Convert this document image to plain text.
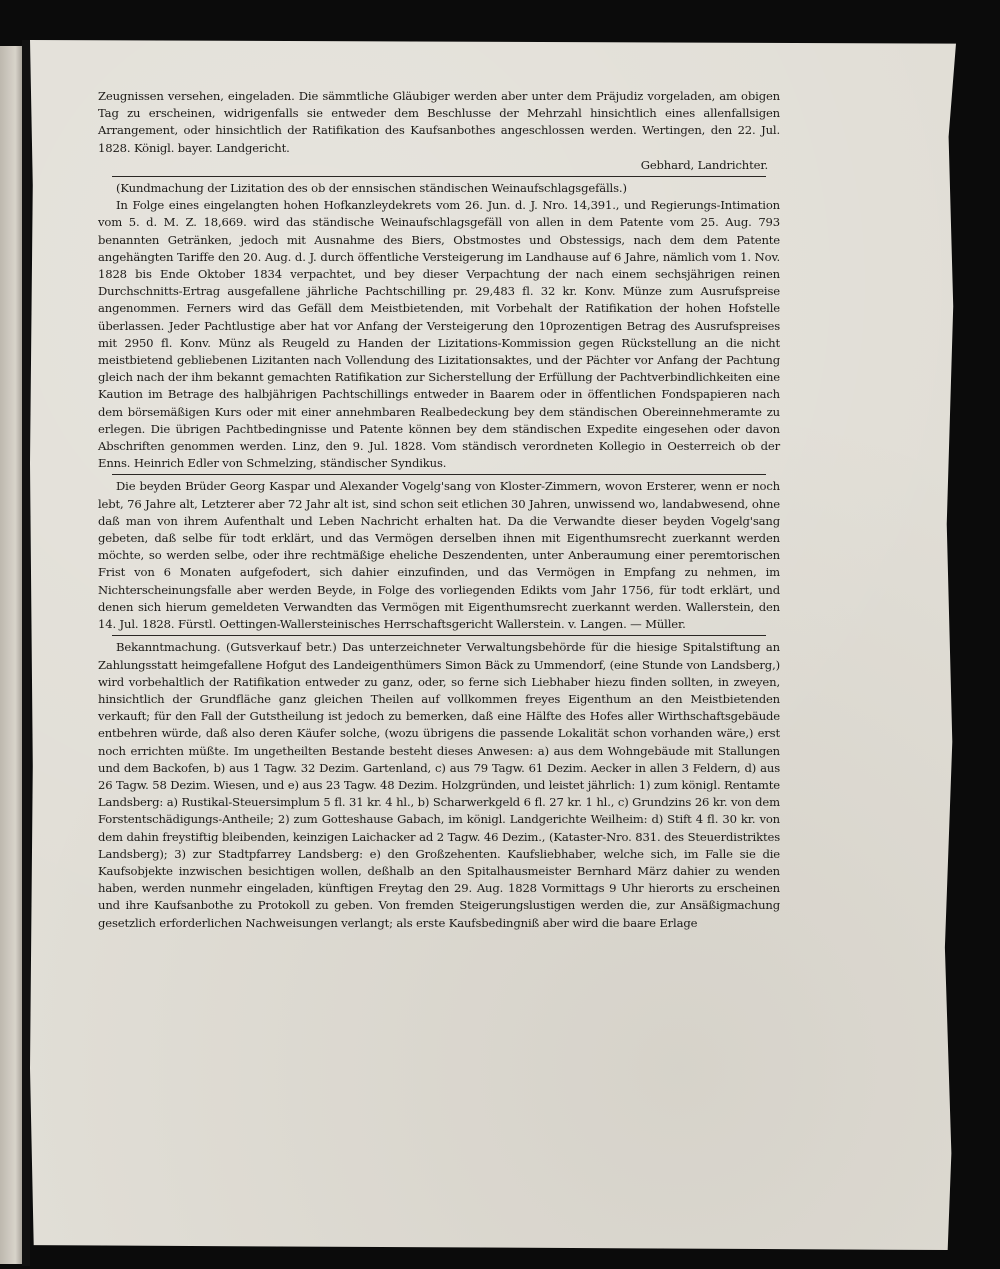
Zeugnissen versehen, eingeladen. Die sämmtliche Gläubiger werden aber unter dem Präjudiz vorgeladen, am obigen Tag zu erscheinen, widrigenfalls sie entweder dem Beschlusse der Mehrzahl hinsichtlich eines allenfallsigen Arrangement, oder hinsichtlich der Ratifikation des Kaufsanbothes angeschlossen werden. Wertingen, den 22. Jul. 1828. Königl. bayer. Landgericht.

Gebhard, Landrichter.

(Kundmachung der Lizitation des ob der ennsischen ständischen Weinaufschlagsgefälls.)

In Folge eines eingelangten hohen Hofkanzleydekrets vom 26. Jun. d. J. Nro. 14,391., und Regierungs-Intimation vom 5. d. M. Z. 18,669. wird das ständische Weinaufschlagsgefäll von allen in dem Patente vom 25. Aug. 793 benannten Getränken, jedoch mit Ausnahme des Biers, Obstmostes und Obstessigs, nach dem dem Patente angehängten Tariffe den 20. Aug. d. J. durch öffentliche Versteigerung im Landhause auf 6 Jahre, nämlich vom 1. Nov. 1828 bis Ende Oktober 1834 verpachtet, und bey dieser Verpachtung der nach einem sechsjährigen reinen Durchschnitts-Ertrag ausgefallene jährliche Pachtschilling pr. 29,483 fl. 32 kr. Konv. Münze zum Ausrufspreise angenommen. Ferners wird das Gefäll dem Meistbietenden, mit Vorbehalt der Ratifikation der hohen Hofstelle überlassen. Jeder Pachtlustige aber hat vor Anfang der Versteigerung den 10prozentigen Betrag des Ausrufspreises mit 2950 fl. Konv. Münz als Reugeld zu Handen der Lizitations-Kommission gegen Rückstellung an die nicht meistbietend gebliebenen Lizitanten nach Vollendung des Lizitationsaktes, und der Pächter vor Anfang der Pachtung gleich nach der ihm bekannt gemachten Ratifikation zur Sicherstellung der Erfüllung der Pachtverbindlichkeiten eine Kaution im Betrage des halbjährigen Pachtschillings entweder in Baarem oder in öffentlichen Fondspapieren nach dem börsemäßigen Kurs oder mit einer annehmbaren Realbedeckung bey dem ständischen Obereinnehmeramte zu erlegen. Die übrigen Pachtbedingnisse und Patente können bey dem ständischen Expedite eingesehen oder davon Abschriften genommen werden. Linz, den 9. Jul. 1828. Vom ständisch verordneten Kollegio in Oesterreich ob der Enns. Heinrich Edler von Schmelzing, ständischer Syndikus.

Die beyden Brüder Georg Kaspar und Alexander Vogelg'sang von Kloster-Zimmern, wovon Ersterer, wenn er noch lebt, 76 Jahre alt, Letzterer aber 72 Jahr alt ist, sind schon seit etlichen 30 Jahren, unwissend wo, landabwesend, ohne daß man von ihrem Aufenthalt und Leben Nachricht erhalten hat. Da die Verwandte dieser beyden Vogelg'sang gebeten, daß selbe für todt erklärt, und das Vermögen derselben ihnen mit Eigenthumsrecht zuerkannt werden möchte, so werden selbe, oder ihre rechtmäßige eheliche Deszendenten, unter Anberaumung einer peremtorischen Frist von 6 Monaten aufgefodert, sich dahier einzufinden, und das Vermögen in Empfang zu nehmen, im Nichterscheinungsfalle aber werden Beyde, in Folge des vorliegenden Edikts vom Jahr 1756, für todt erklärt, und denen sich hierum gemeldeten Verwandten das Vermögen mit Eigenthumsrecht zuerkannt werden. Wallerstein, den 14. Jul. 1828. Fürstl. Oettingen-Wallersteinisches Herrschaftsgericht Wallerstein. v. Langen. — Müller.

Bekanntmachung. (Gutsverkauf betr.) Das unterzeichneter Verwaltungsbehörde für die hiesige Spitalstiftung an Zahlungsstatt heimgefallene Hofgut des Landeigenthümers Simon Bäck zu Ummendorf, (eine Stunde von Landsberg,) wird vorbehaltlich der Ratifikation entweder zu ganz, oder, so ferne sich Liebhaber hiezu finden sollten, in zweyen, hinsichtlich der Grundfläche ganz gleichen Theilen auf vollkommen freyes Eigenthum an den Meistbietenden verkauft; für den Fall der Gutstheilung ist jedoch zu bemerken, daß eine Hälfte des Hofes aller Wirthschaftsgebäude entbehren würde, daß also deren Käufer solche, (wozu übrigens die passende Lokalität schon vorhanden wäre,) erst noch errichten müßte. Im ungetheilten Bestande besteht dieses Anwesen: a) aus dem Wohngebäude mit Stallungen und dem Backofen, b) aus 1 Tagw. 32 Dezim. Gartenland, c) aus 79 Tagw. 61 Dezim. Aecker in allen 3 Feldern, d) aus 26 Tagw. 58 Dezim. Wiesen, und e) aus 23 Tagw. 48 Dezim. Holzgründen, und leistet jährlich: 1) zum königl. Rentamte Landsberg: a) Rustikal-Steuersimplum 5 fl. 31 kr. 4 hl., b) Scharwerkgeld 6 fl. 27 kr. 1 hl., c) Grundzins 26 kr. von dem Forstentschädigungs-Antheile; 2) zum Gotteshause Gabach, im königl. Landgerichte Weilheim: d) Stift 4 fl. 30 kr. von dem dahin freystiftig bleibenden, keinzigen Laichacker ad 2 Tagw. 46 Dezim., (Kataster-Nro. 831. des Steuerdistriktes Landsberg); 3) zur Stadtpfarrey Landsberg: e) den Großzehenten. Kaufsliebhaber, welche sich, im Falle sie die Kaufsobjekte inzwischen besichtigen wollen, deßhalb an den Spitalhausmeister Bernhard März dahier zu wenden haben, werden nunmehr eingeladen, künftigen Freytag den 29. Aug. 1828 Vormittags 9 Uhr hierorts zu erscheinen und ihre Kaufsanbothe zu Protokoll zu geben. Von fremden Steigerungslustigen werden die, zur Ansäßigmachung gesetzlich erforderlichen Nachweisungen verlangt; als erste Kaufsbedingniß aber wird die baare Erlage
